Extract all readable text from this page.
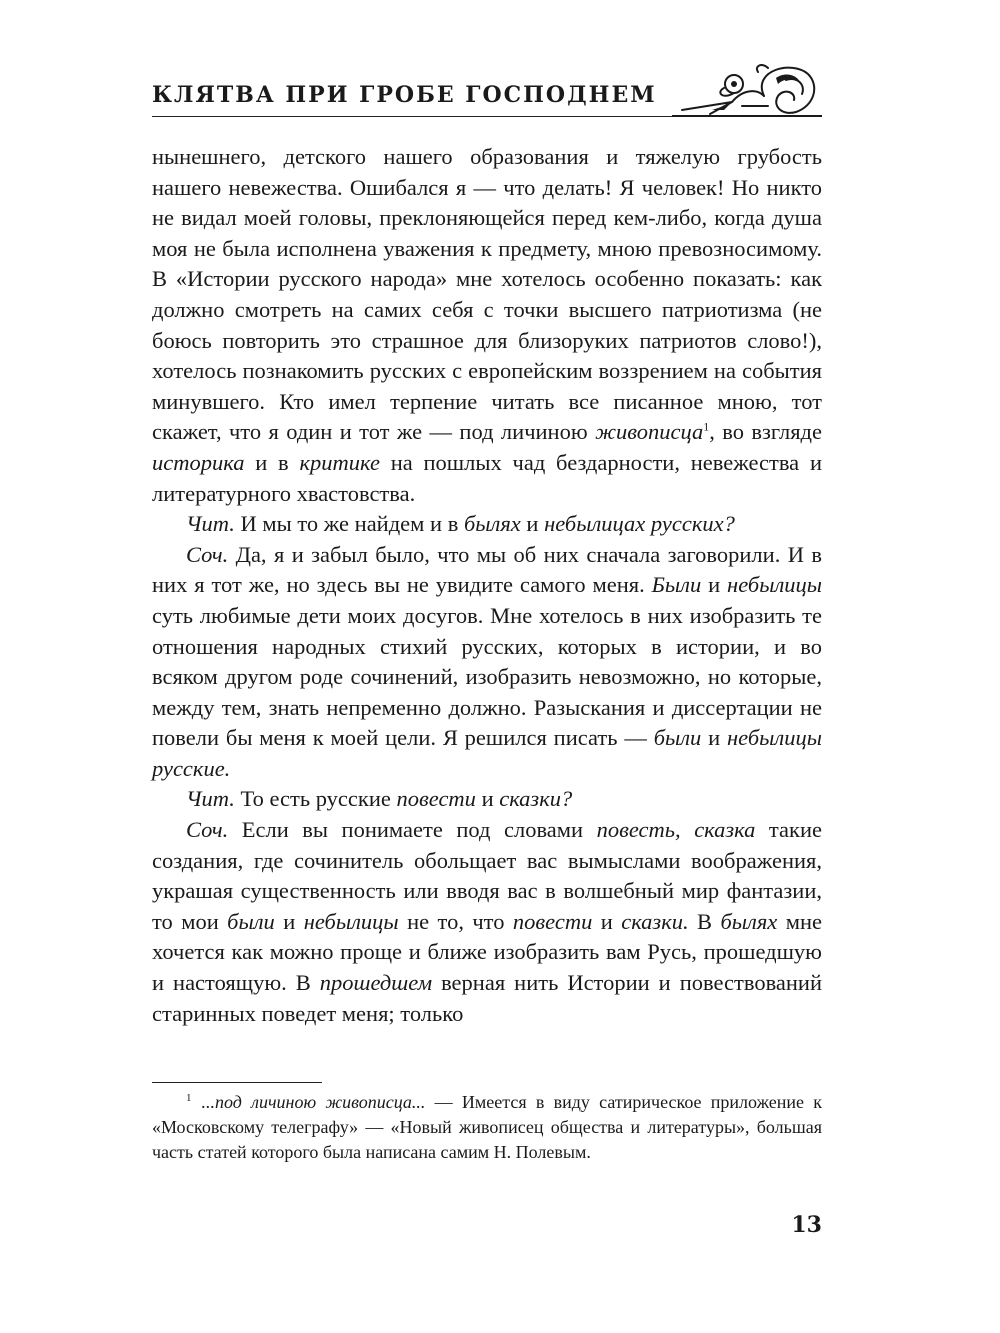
КЛЯТВА ПРИ ГРОБЕ ГОСПОДНЕМ

нынешнего, детского нашего образования и тяжелую грубость нашего невежества. Ошибался я — что делать! Я человек! Но никто не видал моей головы, преклоняющейся перед кем-либо, когда душа моя не была исполнена уважения к предмету, мною превозносимому. В «Истории русского народа» мне хотелось особенно показать: как должно смотреть на самих себя с точки высшего патриотизма (не боюсь повторить это страшное для близоруких патриотов слово!), хотелось познакомить русских с европейским воззрением на события минувшего. Кто имел терпение читать все писанное мною, тот скажет, что я один и тот же — под личиною живописца$^1$, во взгляде историка и в критике на пошлых чад бездарности, невежества и литературного хвастовства.

Чит. И мы то же найдем и в былях и небылицах русских?

Соч. Да, я и забыл было, что мы об них сначала заговорили. И в них я тот же, но здесь вы не увидите самого меня. Были и небылицы суть любимые дети моих досугов. Мне хотелось в них изобразить те отношения народных стихий русских, которых в истории, и во всяком другом роде сочинений, изобразить невозможно, но которые, между тем, знать непременно должно. Разыскания и диссертации не повели бы меня к моей цели. Я решился писать — были и небылицы русские.

Чит. То есть русские повести и сказки?

Соч. Если вы понимаете под словами повесть, сказка такие создания, где сочинитель обольщает вас вымыслами воображения, украшая существенность или вводя вас в волшебный мир фантазии, то мои были и небылицы не то, что повести и сказки. В былях мне хочется как можно проще и ближе изобразить вам Русь, прошедшую и настоящую. В прошедшем верная нить Истории и повествований старинных поведет меня; только

$^1$ ...под личиною живописца... — Имеется в виду сатирическое приложение к «Московскому телеграфу» — «Новый живописец общества и литературы», большая часть статей которого была написана самим Н. Полевым.

13
